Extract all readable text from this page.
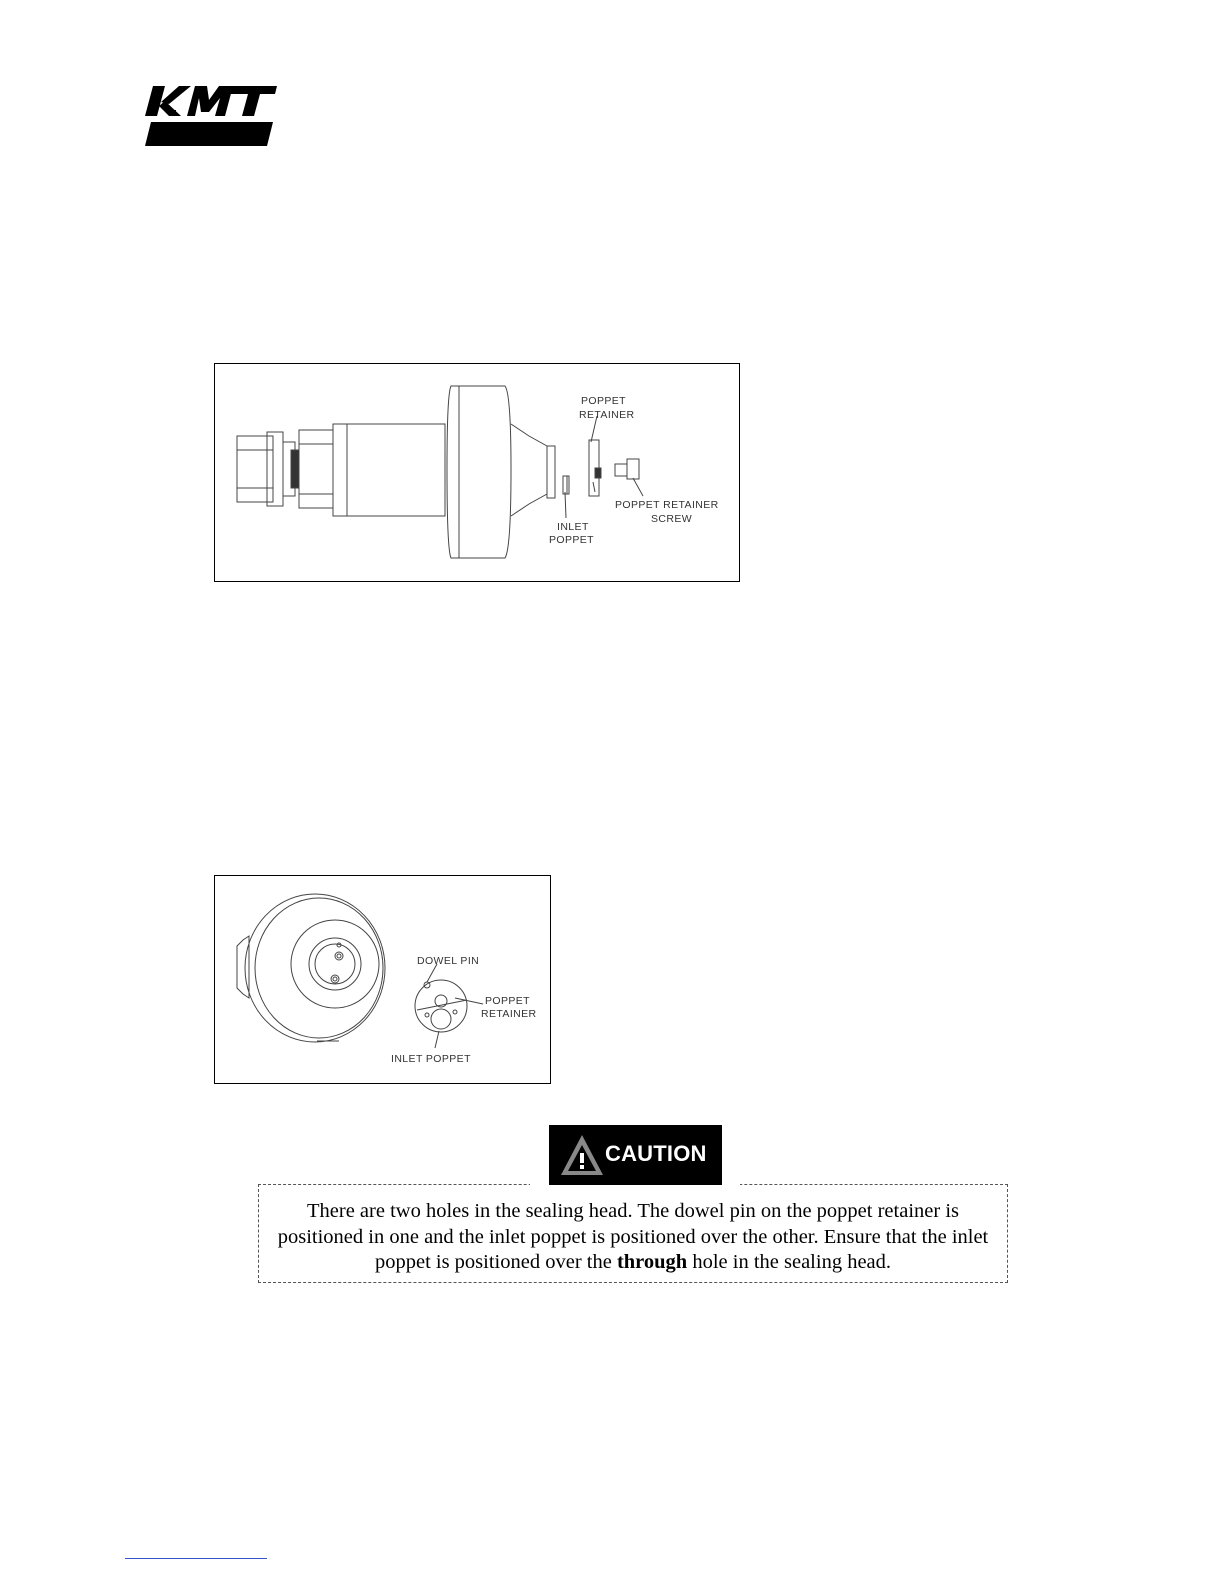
POPPET
RETAINER
POPPET RETAINER
SCREW
INLET
POPPET
DOWEL PIN
POPPET
RETAINER
INLET POPPET
There are two holes in the sealing head. The dowel pin on the poppet retainer is positioned in one and the inlet poppet is positioned over the other. Ensure that the inlet poppet is positioned over the through hole in the sealing head.
CAUTION
